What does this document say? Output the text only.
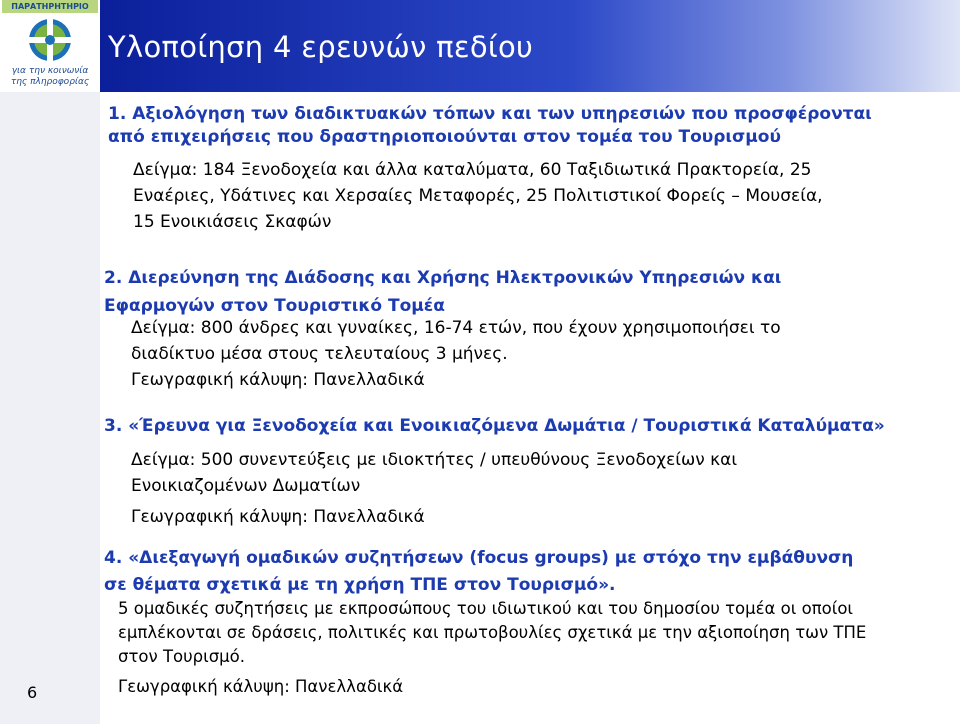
ΠΑΡΑΤΗΡΗΤΗΡΙΟ
για την κοινωνία
της πληροφορίας
Υλοποίηση 4 ερευνών πεδίου
1. Αξιολόγηση των διαδικτυακών τόπων και των υπηρεσιών που προσφέρονται
από επιχειρήσεις που δραστηριοποιούνται στον τομέα του Τουρισμού
Δείγμα: 184 Ξενοδοχεία και άλλα καταλύματα, 60 Ταξιδιωτικά Πρακτορεία, 25
Εναέριες, Υδάτινες και Χερσαίες Μεταφορές, 25 Πολιτιστικοί Φορείς – Μουσεία,
15 Ενοικιάσεις Σκαφών
2. Διερεύνηση της Διάδοσης και Χρήσης Ηλεκτρονικών Υπηρεσιών και
Εφαρμογών στον Τουριστικό Τομέα
Δείγμα: 800 άνδρες και γυναίκες, 16-74 ετών, που έχουν χρησιμοποιήσει το
διαδίκτυο μέσα στους τελευταίους 3 μήνες.
Γεωγραφική κάλυψη: Πανελλαδικά
3. «Έρευνα για Ξενοδοχεία και Ενοικιαζόμενα Δωμάτια / Τουριστικά Καταλύματα»
Δείγμα: 500 συνεντεύξεις με ιδιοκτήτες / υπευθύνους Ξενοδοχείων και
Ενοικιαζομένων Δωματίων
Γεωγραφική κάλυψη: Πανελλαδικά
4. «Διεξαγωγή ομαδικών συζητήσεων (focus groups) με στόχο την εμβάθυνση
σε θέματα σχετικά με τη χρήση ΤΠΕ στον Τουρισμό».
5 ομαδικές συζητήσεις με εκπροσώπους του ιδιωτικού και του δημοσίου τομέα οι οποίοι
εμπλέκονται σε δράσεις, πολιτικές και πρωτοβουλίες σχετικά με την αξιοποίηση των ΤΠΕ
στον Τουρισμό.
Γεωγραφική κάλυψη: Πανελλαδικά
6
